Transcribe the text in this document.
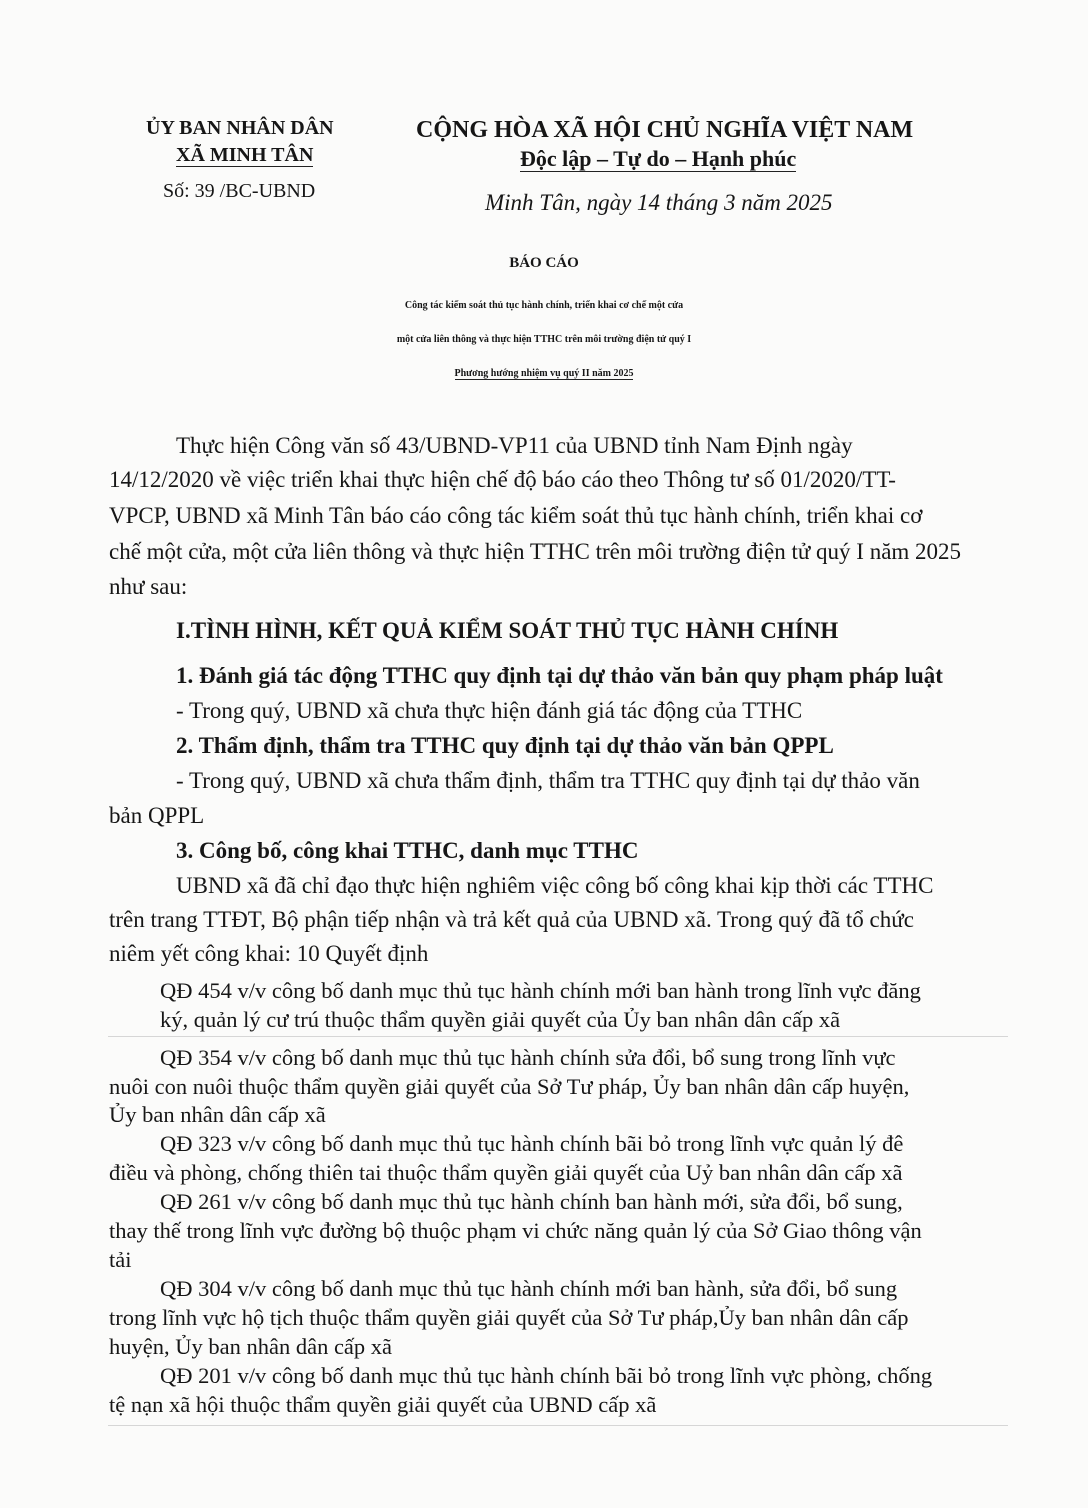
ỦY BAN NHÂN DÂN
XÃ MINH TÂN
Số: 39 /BC-UBND
CỘNG HÒA XÃ HỘI CHỦ NGHĨA VIỆT NAM
Độc lập – Tự do – Hạnh phúc
Minh Tân, ngày 14 tháng 3 năm 2025
BÁO CÁO
Công tác kiểm soát thủ tục hành chính, triển khai cơ chế một cửa
một cửa liên thông và thực hiện TTHC trên môi trường điện tử quý I
Phương hướng nhiệm vụ quý II năm 2025
Thực hiện Công văn số 43/UBND-VP11 của UBND tỉnh Nam Định ngày
14/12/2020 về việc triển khai thực hiện chế độ báo cáo theo Thông tư số 01/2020/TT-
VPCP, UBND xã Minh Tân báo cáo công tác kiểm soát thủ tục hành chính, triển khai cơ
chế một cửa, một cửa liên thông và thực hiện TTHC trên môi trường điện tử quý I năm 2025
như sau:
I.TÌNH HÌNH, KẾT QUẢ KIỂM SOÁT THỦ TỤC HÀNH CHÍNH
1. Đánh giá tác động TTHC quy định tại dự thảo văn bản quy phạm pháp luật
- Trong quý, UBND xã chưa thực hiện đánh giá tác động của TTHC
2. Thẩm định, thẩm tra TTHC quy định tại dự thảo văn bản QPPL
- Trong quý, UBND xã chưa thẩm định, thẩm tra TTHC quy định tại dự thảo văn
bản QPPL
3. Công bố, công khai TTHC, danh mục TTHC
UBND xã đã chỉ đạo thực hiện nghiêm việc công bố công khai kịp thời các TTHC
trên trang TTĐT, Bộ phận tiếp nhận và trả kết quả của UBND xã. Trong quý đã tổ chức
niêm yết công khai: 10 Quyết định
QĐ 454 v/v công bố danh mục thủ tục hành chính mới ban hành trong lĩnh vực đăng
ký, quản lý cư trú thuộc thẩm quyền giải quyết của Ủy ban nhân dân cấp xã
QĐ 354 v/v công bố danh mục thủ tục hành chính sửa đổi, bổ sung trong lĩnh vực
nuôi con nuôi thuộc thẩm quyền giải quyết của Sở Tư pháp, Ủy ban nhân dân cấp huyện,
Ủy ban nhân dân cấp xã
QĐ 323 v/v công bố danh mục thủ tục hành chính bãi bỏ trong lĩnh vực quản lý đê
điều và phòng, chống thiên tai thuộc thẩm quyền giải quyết của Uỷ ban nhân dân cấp xã
QĐ 261 v/v công bố danh mục thủ tục hành chính ban hành mới, sửa đổi, bổ sung,
thay thế trong lĩnh vực đường bộ thuộc phạm vi chức năng quản lý của Sở Giao thông vận
tải
QĐ 304 v/v công bố danh mục thủ tục hành chính mới ban hành, sửa đổi, bổ sung
trong lĩnh vực hộ tịch thuộc thẩm quyền giải quyết của Sở Tư pháp,Ủy ban nhân dân cấp
huyện, Ủy ban nhân dân cấp xã
QĐ 201 v/v công bố danh mục thủ tục hành chính bãi bỏ trong lĩnh vực phòng, chống
tệ nạn xã hội thuộc thẩm quyền giải quyết của UBND cấp xã
